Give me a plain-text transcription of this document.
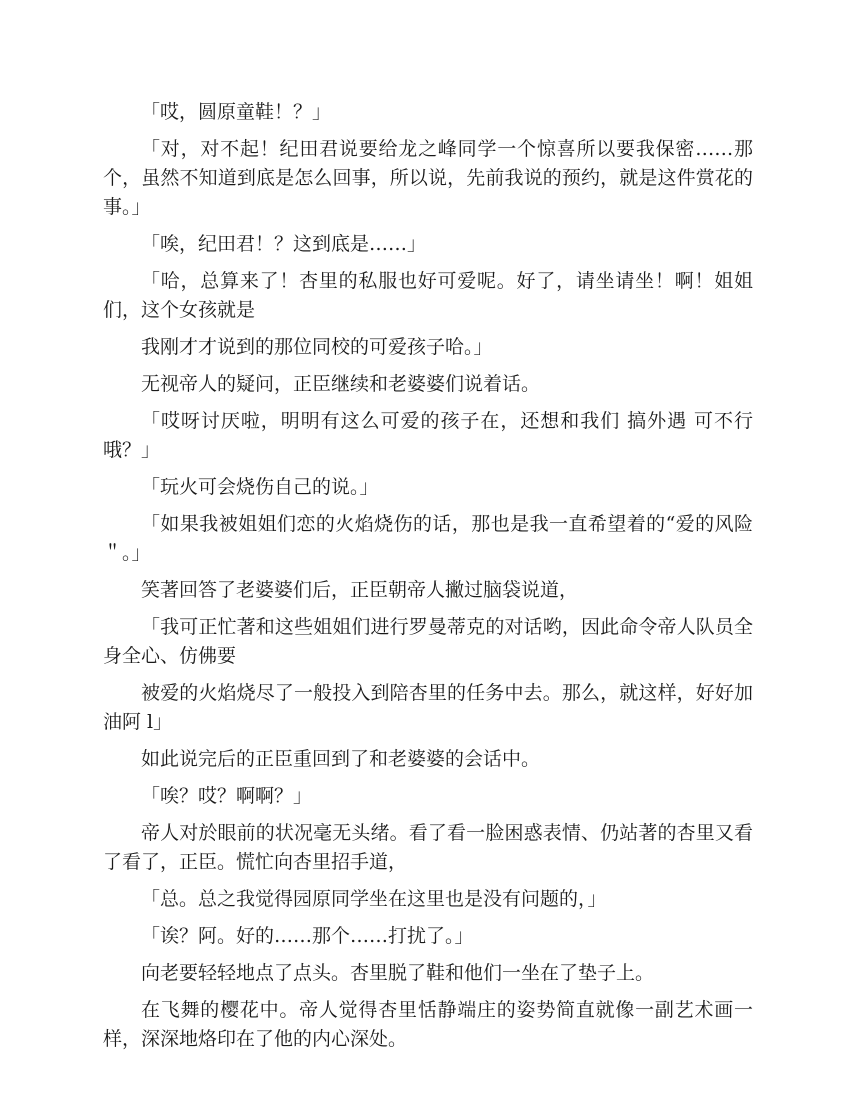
「哎，圆原童鞋！？」

「对，对不起！纪田君说要给龙之峰同学一个惊喜所以要我保密……那个，虽然不知道到底是怎么回事，所以说，先前我说的预约，就是这件赏花的事。」

「唉，纪田君！？这到底是……」

「哈，总算来了！杏里的私服也好可爱呢。好了，请坐请坐！啊！姐姐们，这个女孩就是

我刚才才说到的那位同校的可爱孩子哈。」

无视帝人的疑问，正臣继续和老婆婆们说着话。

「哎呀讨厌啦，明明有这么可爱的孩子在，还想和我们 搞外遇 可不行哦？」

「玩火可会烧伤自己的说。」

「如果我被姐姐们恋的火焰烧伤的话，那也是我一直希望着的“爱的风险＂。」

笑著回答了老婆婆们后，正臣朝帝人撇过脑袋说道，

「我可正忙著和这些姐姐们进行罗曼蒂克的对话哟，因此命令帝人队员全身全心、仿佛要

被爱的火焰烧尽了一般投入到陪杏里的任务中去。那么，就这样，好好加油阿 l」

如此说完后的正臣重回到了和老婆婆的会话中。

「唉？哎？啊啊？」

帝人对於眼前的状况毫无头绪。看了看一脸困惑表情、仍站著的杏里又看了看了，正臣。慌忙向杏里招手道，

「总。总之我觉得园原同学坐在这里也是没有问题的，」

「诶？阿。好的……那个……打扰了。」

向老要轻轻地点了点头。杏里脱了鞋和他们一坐在了垫子上。

在飞舞的樱花中。帝人觉得杏里恬静端庄的姿势简直就像一副艺术画一样，深深地烙印在了他的内心深处。
